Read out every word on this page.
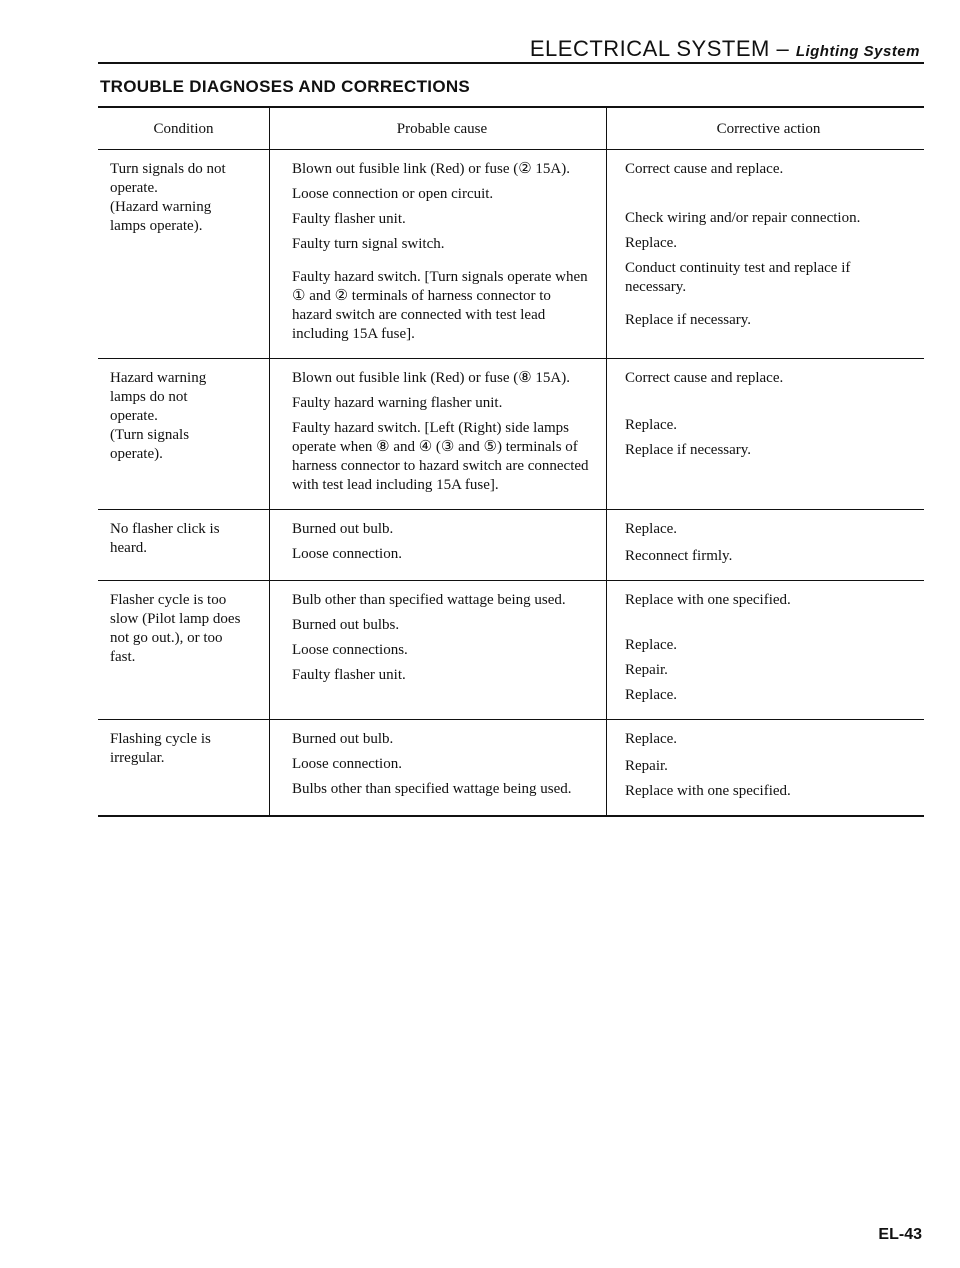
ELECTRICAL SYSTEM – Lighting System
TROUBLE DIAGNOSES AND CORRECTIONS
Condition	Probable cause	Corrective action
Turn signals do not
operate.
(Hazard warning
lamps operate).
Blown out fusible link (Red) or fuse (② 15A).
Loose connection or open circuit.
Faulty flasher unit.
Faulty turn signal switch.
Faulty hazard switch. [Turn signals operate when ① and ② terminals of harness connector to hazard switch are connected with test lead including 15A fuse].
Correct cause and replace.
Check wiring and/or repair connection.
Replace.
Conduct continuity test and replace if necessary.
Replace if necessary.
Hazard warning
lamps do not
operate.
(Turn signals
operate).
Blown out fusible link (Red) or fuse (⑧ 15A).
Faulty hazard warning flasher unit.
Faulty hazard switch. [Left (Right) side lamps operate when ⑧ and ④ (③ and ⑤) terminals of harness connector to hazard switch are connected with test lead including 15A fuse].
Correct cause and replace.
Replace.
Replace if necessary.
No flasher click is
heard.
Burned out bulb.
Loose connection.
Replace.
Reconnect firmly.
Flasher cycle is too
slow (Pilot lamp does
not go out.), or too
fast.
Bulb other than specified wattage being used.
Burned out bulbs.
Loose connections.
Faulty flasher unit.
Replace with one specified.
Replace.
Repair.
Replace.
Flashing cycle is
irregular.
Burned out bulb.
Loose connection.
Bulbs other than specified wattage being used.
Replace.
Repair.
Replace with one specified.
EL-43
